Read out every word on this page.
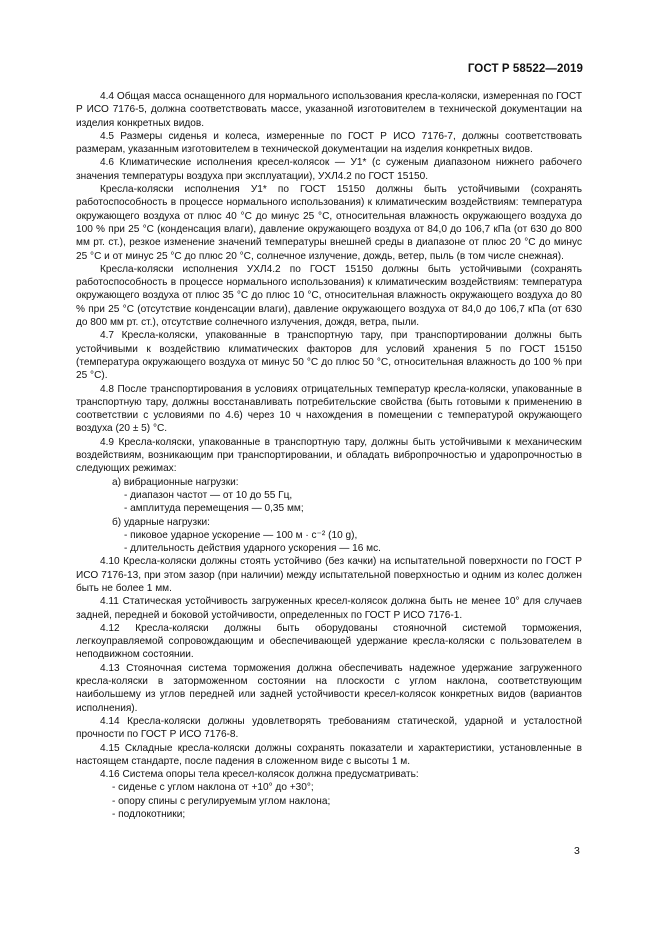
ГОСТ Р 58522—2019

4.4 Общая масса оснащенного для нормального использования кресла-коляски, измеренная по ГОСТ Р ИСО 7176-5, должна соответствовать массе, указанной изготовителем в технической документации на изделия конкретных видов.

4.5 Размеры сиденья и колеса, измеренные по ГОСТ Р ИСО 7176-7, должны соответствовать размерам, указанным изготовителем в технической документации на изделия конкретных видов.

4.6 Климатические исполнения кресел-колясок — У1* (с суженым диапазоном нижнего рабочего значения температуры воздуха при эксплуатации), УХЛ4.2 по ГОСТ 15150.

Кресла-коляски исполнения У1* по ГОСТ 15150 должны быть устойчивыми (сохранять работоспособность в процессе нормального использования) к климатическим воздействиям: температура окружающего воздуха от плюс 40 °С до минус 25 °С, относительная влажность окружающего воздуха до 100 % при 25 °С (конденсация влаги), давление окружающего воздуха от 84,0 до 106,7 кПа (от 630 до 800 мм рт. ст.), резкое изменение значений температуры внешней среды в диапазоне от плюс 20 °С до минус 25 °С и от минус 25 °С до плюс 20 °С, солнечное излучение, дождь, ветер, пыль (в том числе снежная).

Кресла-коляски исполнения УХЛ4.2 по ГОСТ 15150 должны быть устойчивыми (сохранять работоспособность в процессе нормального использования) к климатическим воздействиям: температура окружающего воздуха от плюс 35 °С до плюс 10 °С, относительная влажность окружающего воздуха до 80 % при 25 °С (отсутствие конденсации влаги), давление окружающего воздуха от 84,0 до 106,7 кПа (от 630 до 800 мм рт. ст.), отсутствие солнечного излучения, дождя, ветра, пыли.

4.7 Кресла-коляски, упакованные в транспортную тару, при транспортировании должны быть устойчивыми к воздействию климатических факторов для условий хранения 5 по ГОСТ 15150 (температура окружающего воздуха от минус 50 °С до плюс 50 °С, относительная влажность до 100 % при 25 °С).

4.8 После транспортирования в условиях отрицательных температур кресла-коляски, упакованные в транспортную тару, должны восстанавливать потребительские свойства (быть готовыми к применению в соответствии с условиями по 4.6) через 10 ч нахождения в помещении с температурой окружающего воздуха (20 ± 5) °С.

4.9 Кресла-коляски, упакованные в транспортную тару, должны быть устойчивыми к механическим воздействиям, возникающим при транспортировании, и обладать вибропрочностью и удaропрочностью в следующих режимах:

а) вибрационные нагрузки:

- диапазон частот — от 10 до 55 Гц,

- амплитуда перемещения — 0,35 мм;

б) ударные нагрузки:

- пиковое ударное ускорение — 100 м · с⁻² (10 g),

- длительность действия ударного ускорения — 16 мс.

4.10 Кресла-коляски должны стоять устойчиво (без качки) на испытательной поверхности по ГОСТ Р ИСО 7176-13, при этом зазор (при наличии) между испытательной поверхностью и одним из колес должен быть не более 1 мм.

4.11 Статическая устойчивость загруженных кресел-колясок должна быть не менее 10° для случаев задней, передней и боковой устойчивости, определенных по ГОСТ Р ИСО 7176-1.

4.12 Кресла-коляски должны быть оборудованы стояночной системой торможения, легкоуправляемой сопровождающим и обеспечивающей удержание кресла-коляски с пользователем в неподвижном состоянии.

4.13 Стояночная система торможения должна обеспечивать надежное удержание загруженного кресла-коляски в заторможенном состоянии на плоскости с углом наклона, соответствующим наибольшему из углов передней или задней устойчивости кресел-колясок конкретных видов (вариантов исполнения).

4.14 Кресла-коляски должны удовлетворять требованиям статической, ударной и усталостной прочности по ГОСТ Р ИСО 7176-8.

4.15 Складные кресла-коляски должны сохранять показатели и характеристики, установленные в настоящем стандарте, после падения в сложенном виде с высоты 1 м.

4.16 Система опоры тела кресел-колясок должна предусматривать:

- сиденье с углом наклона от +10° до +30°;

- опору спины с регулируемым углом наклона;

- подлокотники;

3
